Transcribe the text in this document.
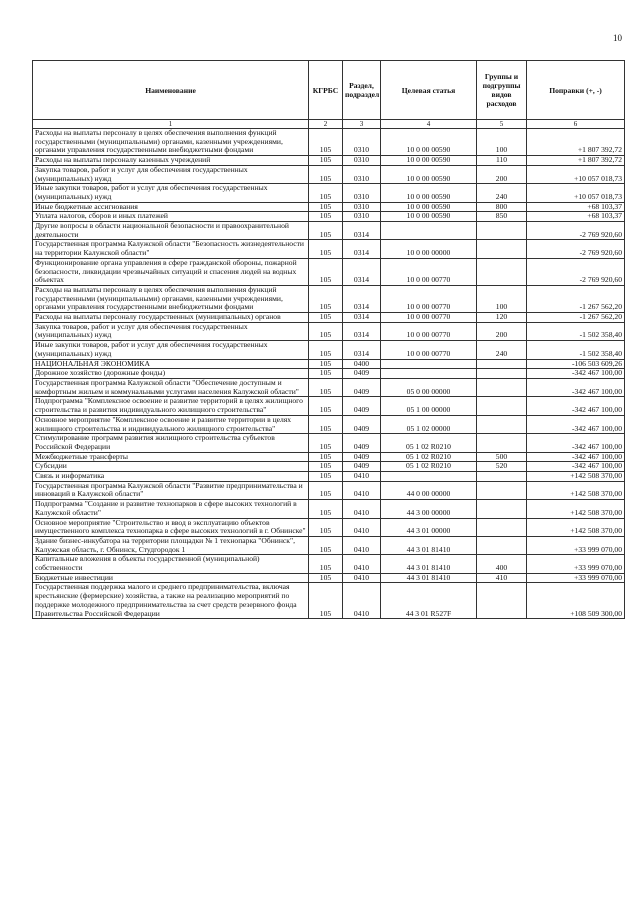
10
Наименование	КГРБС	Раздел, подраздел	Целевая статья	Группы и подгруппы видов расходов	Поправки (+, -)
1	2	3	4	5	6
Расходы на выплаты персоналу в целях обеспечения выполнения функций государственными (муниципальными) органами, казенными учреждениями, органами управления государственными внебюджетными фондами	105	0310	10 0 00 00590	100	+1 807 392,72
Расходы на выплаты персоналу казенных учреждений	105	0310	10 0 00 00590	110	+1 807 392,72
Закупка товаров, работ и услуг для обеспечения государственных (муниципальных) нужд	105	0310	10 0 00 00590	200	+10 057 018,73
Иные закупки товаров, работ и услуг для обеспечения государственных (муниципальных) нужд	105	0310	10 0 00 00590	240	+10 057 018,73
Иные бюджетные ассигнования	105	0310	10 0 00 00590	800	+68 103,37
Уплата налогов, сборов и иных платежей	105	0310	10 0 00 00590	850	+68 103,37
Другие вопросы в области национальной безопасности и правоохранительной деятельности	105	0314			-2 769 920,60
Государственная программа Калужской области "Безопасность жизнедеятельности на территории Калужской области"	105	0314	10 0 00 00000		-2 769 920,60
Функционирование органа управления в сфере гражданской обороны, пожарной безопасности, ликвидации чрезвычайных ситуаций и спасения людей на водных объектах	105	0314	10 0 00 00770		-2 769 920,60
Расходы на выплаты персоналу в целях обеспечения выполнения функций государственными (муниципальными) органами, казенными учреждениями, органами управления государственными внебюджетными фондами	105	0314	10 0 00 00770	100	-1 267 562,20
Расходы на выплаты персоналу государственных (муниципальных) органов	105	0314	10 0 00 00770	120	-1 267 562,20
Закупка товаров, работ и услуг для обеспечения государственных (муниципальных) нужд	105	0314	10 0 00 00770	200	-1 502 358,40
Иные закупки товаров, работ и услуг для обеспечения государственных (муниципальных) нужд	105	0314	10 0 00 00770	240	-1 502 358,40
НАЦИОНАЛЬНАЯ ЭКОНОМИКА	105	0400			-106 503 609,26
Дорожное хозяйство (дорожные фонды)	105	0409			-342 467 100,00
Государственная программа Калужской области "Обеспечение доступным и комфортным жильем и коммунальными услугами населения Калужской области"	105	0409	05 0 00 00000		-342 467 100,00
Подпрограмма "Комплексное освоение и развитие территорий в целях жилищного строительства и развития индивидуального жилищного строительства"	105	0409	05 1 00 00000		-342 467 100,00
Основное мероприятие "Комплексное освоение и развитие территории в целях жилищного строительства и индивидуального жилищного строительства"	105	0409	05 1 02 00000		-342 467 100,00
Стимулирование программ развития жилищного строительства субъектов Российской Федерации	105	0409	05 1 02 R0210		-342 467 100,00
Межбюджетные трансферты	105	0409	05 1 02 R0210	500	-342 467 100,00
Субсидии	105	0409	05 1 02 R0210	520	-342 467 100,00
Связь и информатика	105	0410			+142 508 370,00
Государственная программа Калужской области "Развитие предпринимательства и инноваций в Калужской области"	105	0410	44 0 00 00000		+142 508 370,00
Подпрограмма "Создание и развитие технопарков в сфере высоких технологий в Калужской области"	105	0410	44 3 00 00000		+142 508 370,00
Основное мероприятие "Строительство и ввод в эксплуатацию объектов имущественного комплекса технопарка в сфере высоких технологий в г. Обнинске"	105	0410	44 3 01 00000		+142 508 370,00
Здание бизнес-инкубатора на территории площадки № 1 технопарка "Обнинск", Калужская область, г. Обнинск, Студгородок 1	105	0410	44 3 01 81410		+33 999 070,00
Капитальные вложения в объекты государственной (муниципальной) собственности	105	0410	44 3 01 81410	400	+33 999 070,00
Бюджетные инвестиции	105	0410	44 3 01 81410	410	+33 999 070,00
Государственная поддержка малого и среднего предпринимательства, включая крестьянские (фермерские) хозяйства, а также на реализацию мероприятий по поддержке молодежного предпринимательства за счет средств резервного фонда Правительства Российской Федерации	105	0410	44 3 01 R527F		+108 509 300,00
